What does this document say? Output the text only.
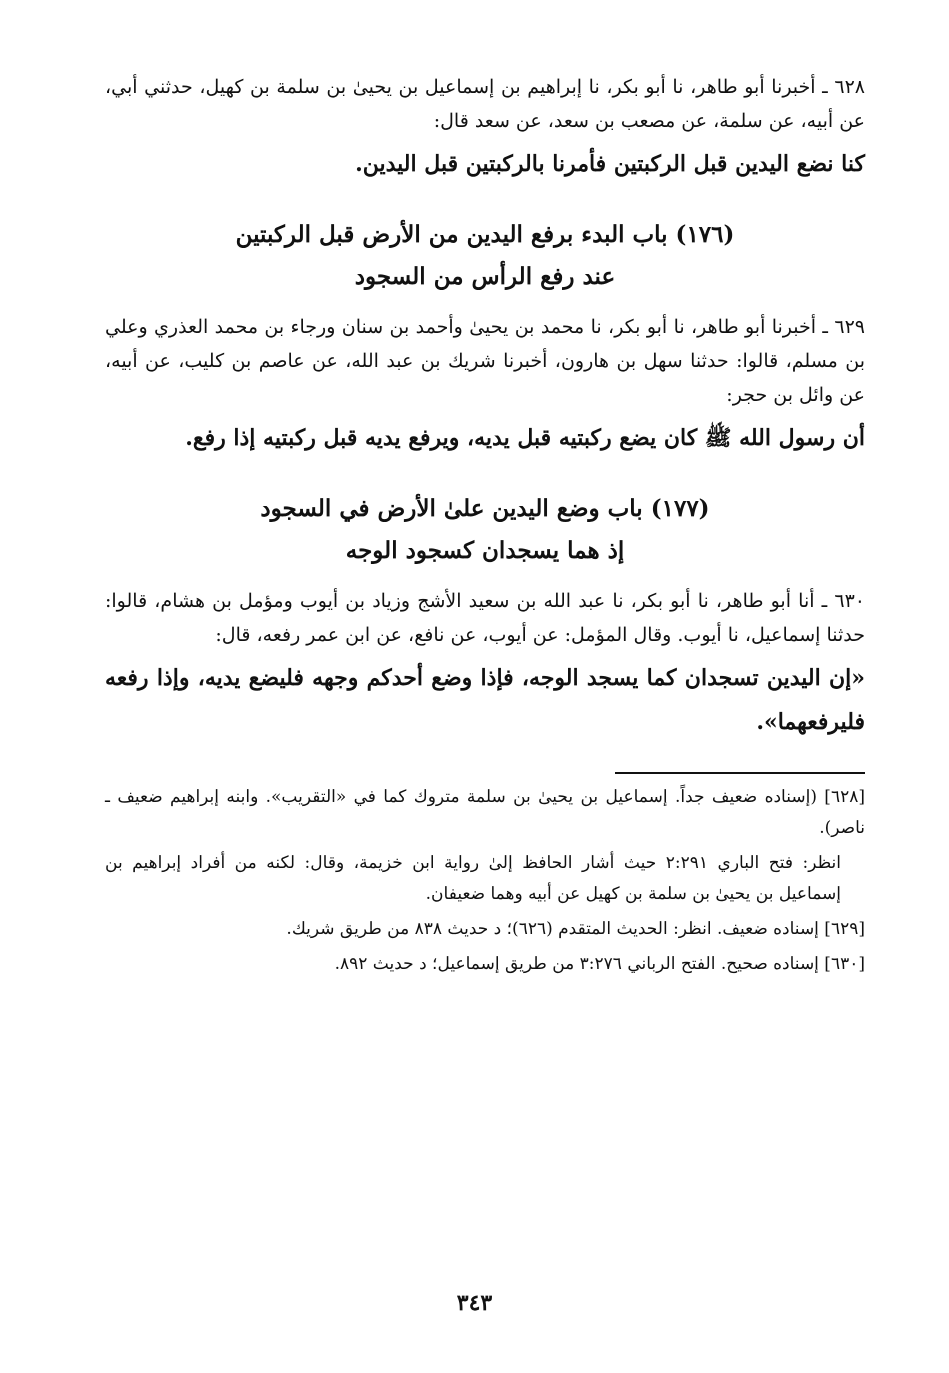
٦٢٨ ـ أخبرنا أبو طاهر، نا أبو بكر، نا إبراهيم بن إسماعيل بن يحيىٰ بن سلمة بن كهيل، حدثني أبي، عن أبيه، عن سلمة، عن مصعب بن سعد، عن سعد قال:

كنا نضع اليدين قبل الركبتين فأمرنا بالركبتين قبل اليدين.

(١٧٦) باب البدء برفع اليدين من الأرض قبل الركبتين
عند رفع الرأس من السجود

٦٢٩ ـ أخبرنا أبو طاهر، نا أبو بكر، نا محمد بن يحيىٰ وأحمد بن سنان ورجاء بن محمد العذري وعلي بن مسلم، قالوا: حدثنا سهل بن هارون، أخبرنا شريك بن عبد الله، عن عاصم بن كليب، عن أبيه، عن وائل بن حجر:

أن رسول الله ﷺ كان يضع ركبتيه قبل يديه، ويرفع يديه قبل ركبتيه إذا رفع.

(١٧٧) باب وضع اليدين علىٰ الأرض في السجود
إذ هما يسجدان كسجود الوجه

٦٣٠ ـ أنا أبو طاهر، نا أبو بكر، نا عبد الله بن سعيد الأشج وزياد بن أيوب ومؤمل بن هشام، قالوا: حدثنا إسماعيل، نا أيوب. وقال المؤمل: عن أيوب، عن نافع، عن ابن عمر رفعه، قال:

«إن اليدين تسجدان كما يسجد الوجه، فإذا وضع أحدكم وجهه فليضع يديه، وإذا رفعه فليرفعهما».

[٦٢٨] (إسناده ضعيف جداً. إسماعيل بن يحيىٰ بن سلمة متروك كما في «التقريب». وابنه إبراهيم ضعيف ـ ناصر).

انظر: فتح الباري ٢:٢٩١ حيث أشار الحافظ إلىٰ رواية ابن خزيمة، وقال: لكنه من أفراد إبراهيم بن إسماعيل بن يحيىٰ بن سلمة بن كهيل عن أبيه وهما ضعيفان.

[٦٢٩] إسناده ضعيف. انظر: الحديث المتقدم (٦٢٦)؛ د حديث ٨٣٨ من طريق شريك.

[٦٣٠] إسناده صحيح. الفتح الرباني ٣:٢٧٦ من طريق إسماعيل؛ د حديث ٨٩٢.

٣٤٣
